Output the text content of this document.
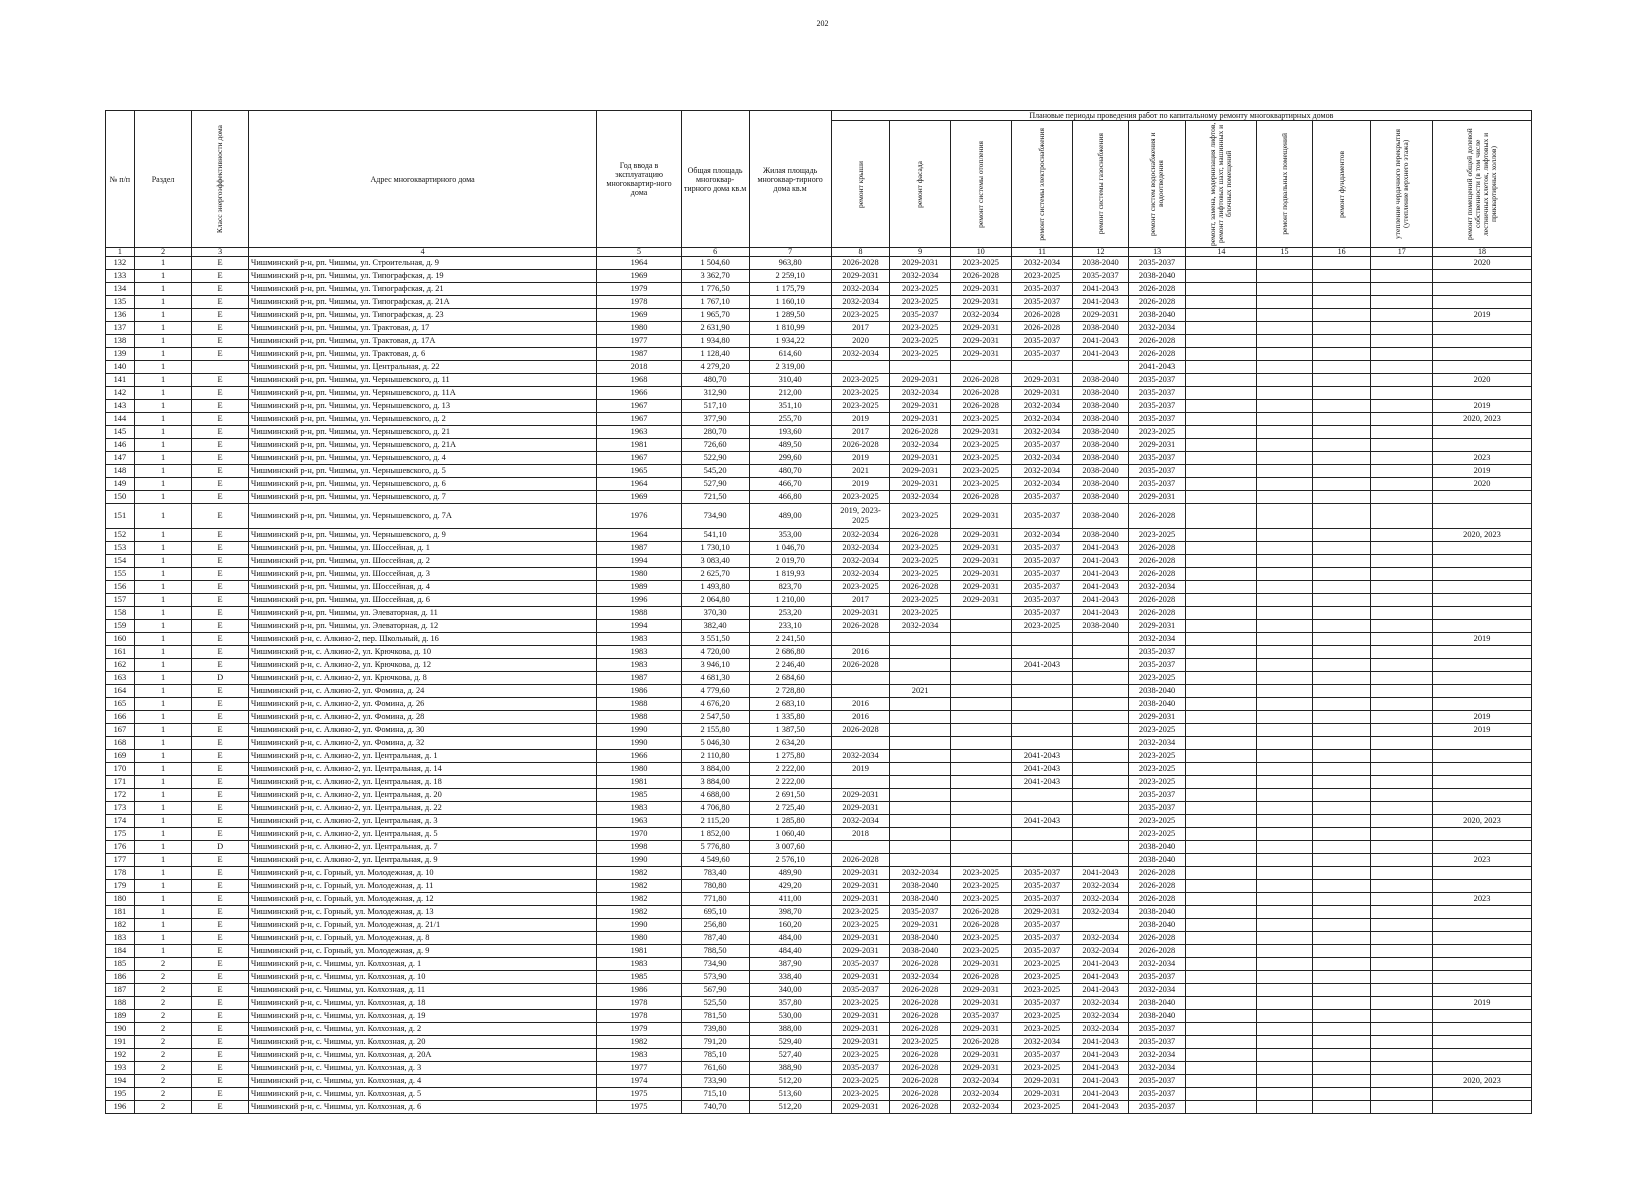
202
№ п/п	Раздел	Класс энергоэффективности дома	Адрес многоквартирного дома	Год ввода в эксплуатацию многоквартир-ного дома	Общая площадь многоквар-тирного дома кв.м	Жилая площадь многоквар-тирного дома кв.м	Плановые периоды проведения работ по капитальному ремонту многоквартирных домов										

							ремонт крыши	ремонт фасада	ремонт системы отопления	ремонт системы электроснабжения	ремонт системы газоснабжения	ремонт систем водоснабжения и водоотведения	ремонт, замена, модернизация лифтов, ремонт лифтовых шахт, машинных и блочных помещений	ремонт подвальных помещений	ремонт фундаментов	утепление чердачного перекрытия (утепление верхнего этажа)	ремонт помещений общей долевой собственности (в том числе лестничных клеток, лифтовых и приквартирных холлов)

1	2	3	4	5	6	7	8	9	10	11	12	13	14	15	16	17	18
132	1	E	Чишминский р-н, рп. Чишмы, ул. Строительная, д. 9	1964	1 504,60	963,80	2026-2028	2029-2031	2023-2025	2032-2034	2038-2040	2035-2037					2020
133	1	E	Чишминский р-н, рп. Чишмы, ул. Типографская, д. 19	1969	3 362,70	2 259,10	2029-2031	2032-2034	2026-2028	2023-2025	2035-2037	2038-2040					
134	1	E	Чишминский р-н, рп. Чишмы, ул. Типографская, д. 21	1979	1 776,50	1 175,79	2032-2034	2023-2025	2029-2031	2035-2037	2041-2043	2026-2028					
135	1	E	Чишминский р-н, рп. Чишмы, ул. Типографская, д. 21А	1978	1 767,10	1 160,10	2032-2034	2023-2025	2029-2031	2035-2037	2041-2043	2026-2028					
136	1	E	Чишминский р-н, рп. Чишмы, ул. Типографская, д. 23	1969	1 965,70	1 289,50	2023-2025	2035-2037	2032-2034	2026-2028	2029-2031	2038-2040					2019
137	1	E	Чишминский р-н, рп. Чишмы, ул. Трактовая, д. 17	1980	2 631,90	1 810,99	2017	2023-2025	2029-2031	2026-2028	2038-2040	2032-2034					
138	1	E	Чишминский р-н, рп. Чишмы, ул. Трактовая, д. 17А	1977	1 934,80	1 934,22	2020	2023-2025	2029-2031	2035-2037	2041-2043	2026-2028					
139	1	E	Чишминский р-н, рп. Чишмы, ул. Трактовая, д. 6	1987	1 128,40	614,60	2032-2034	2023-2025	2029-2031	2035-2037	2041-2043	2026-2028					
140	1		Чишминский р-н, рп. Чишмы, ул. Центральная, д. 22	2018	4 279,20	2 319,00						2041-2043					
141	1	E	Чишминский р-н, рп. Чишмы, ул. Чернышевского, д. 11	1968	480,70	310,40	2023-2025	2029-2031	2026-2028	2029-2031	2038-2040	2035-2037					2020
142	1	E	Чишминский р-н, рп. Чишмы, ул. Чернышевского, д. 11А	1966	312,90	212,00	2023-2025	2032-2034	2026-2028	2029-2031	2038-2040	2035-2037					
143	1	E	Чишминский р-н, рп. Чишмы, ул. Чернышевского, д. 13	1967	517,10	351,10	2023-2025	2029-2031	2026-2028	2032-2034	2038-2040	2035-2037					2019
144	1	E	Чишминский р-н, рп. Чишмы, ул. Чернышевского, д. 2	1967	377,90	255,70	2019	2029-2031	2023-2025	2032-2034	2038-2040	2035-2037					2020, 2023
145	1	E	Чишминский р-н, рп. Чишмы, ул. Чернышевского, д. 21	1963	280,70	193,60	2017	2026-2028	2029-2031	2032-2034	2038-2040	2023-2025					
146	1	E	Чишминский р-н, рп. Чишмы, ул. Чернышевского, д. 21А	1981	726,60	489,50	2026-2028	2032-2034	2023-2025	2035-2037	2038-2040	2029-2031					
147	1	E	Чишминский р-н, рп. Чишмы, ул. Чернышевского, д. 4	1967	522,90	299,60	2019	2029-2031	2023-2025	2032-2034	2038-2040	2035-2037					2023
148	1	E	Чишминский р-н, рп. Чишмы, ул. Чернышевского, д. 5	1965	545,20	480,70	2021	2029-2031	2023-2025	2032-2034	2038-2040	2035-2037					2019
149	1	E	Чишминский р-н, рп. Чишмы, ул. Чернышевского, д. 6	1964	527,90	466,70	2019	2029-2031	2023-2025	2032-2034	2038-2040	2035-2037					2020
150	1	E	Чишминский р-н, рп. Чишмы, ул. Чернышевского, д. 7	1969	721,50	466,80	2023-2025	2032-2034	2026-2028	2035-2037	2038-2040	2029-2031					
151	1	E	Чишминский р-н, рп. Чишмы, ул. Чернышевского, д. 7А	1976	734,90	489,00	2019, 2023-2025	2023-2025	2029-2031	2035-2037	2038-2040	2026-2028					
152	1	E	Чишминский р-н, рп. Чишмы, ул. Чернышевского, д. 9	1964	541,10	353,00	2032-2034	2026-2028	2029-2031	2032-2034	2038-2040	2023-2025					2020, 2023
153	1	E	Чишминский р-н, рп. Чишмы, ул. Шоссейная, д. 1	1987	1 730,10	1 046,70	2032-2034	2023-2025	2029-2031	2035-2037	2041-2043	2026-2028					
154	1	E	Чишминский р-н, рп. Чишмы, ул. Шоссейная, д. 2	1994	3 083,40	2 019,70	2032-2034	2023-2025	2029-2031	2035-2037	2041-2043	2026-2028					
155	1	E	Чишминский р-н, рп. Чишмы, ул. Шоссейная, д. 3	1980	2 625,70	1 819,93	2032-2034	2023-2025	2029-2031	2035-2037	2041-2043	2026-2028					
156	1	E	Чишминский р-н, рп. Чишмы, ул. Шоссейная, д. 4	1989	1 493,80	823,70	2023-2025	2026-2028	2029-2031	2035-2037	2041-2043	2032-2034					
157	1	E	Чишминский р-н, рп. Чишмы, ул. Шоссейная, д. 6	1996	2 064,80	1 210,00	2017	2023-2025	2029-2031	2035-2037	2041-2043	2026-2028					
158	1	E	Чишминский р-н, рп. Чишмы, ул. Элеваторная, д. 11	1988	370,30	253,20	2029-2031	2023-2025		2035-2037	2041-2043	2026-2028					
159	1	E	Чишминский р-н, рп. Чишмы, ул. Элеваторная, д. 12	1994	382,40	233,10	2026-2028	2032-2034		2023-2025	2038-2040	2029-2031					
160	1	E	Чишминский р-н, с. Алкино-2, пер. Школьный, д. 16	1983	3 551,50	2 241,50						2032-2034					2019
161	1	E	Чишминский р-н, с. Алкино-2, ул. Крючкова, д. 10	1983	4 720,00	2 686,80	2016					2035-2037					
162	1	E	Чишминский р-н, с. Алкино-2, ул. Крючкова, д. 12	1983	3 946,10	2 246,40	2026-2028			2041-2043		2035-2037					
163	1	D	Чишминский р-н, с. Алкино-2, ул. Крючкова, д. 8	1987	4 681,30	2 684,60						2023-2025					
164	1	E	Чишминский р-н, с. Алкино-2, ул. Фомина, д. 24	1986	4 779,60	2 728,80		2021				2038-2040					
165	1	E	Чишминский р-н, с. Алкино-2, ул. Фомина, д. 26	1988	4 676,20	2 683,10	2016					2038-2040					
166	1	E	Чишминский р-н, с. Алкино-2, ул. Фомина, д. 28	1988	2 547,50	1 335,80	2016					2029-2031					2019
167	1	E	Чишминский р-н, с. Алкино-2, ул. Фомина, д. 30	1990	2 155,80	1 387,50	2026-2028					2023-2025					2019
168	1	E	Чишминский р-н, с. Алкино-2, ул. Фомина, д. 32	1990	5 046,30	2 634,20						2032-2034					
169	1	E	Чишминский р-н, с. Алкино-2, ул. Центральная, д. 1	1966	2 110,80	1 275,80	2032-2034			2041-2043		2023-2025					
170	1	E	Чишминский р-н, с. Алкино-2, ул. Центральная, д. 14	1980	3 884,00	2 222,00	2019			2041-2043		2023-2025					
171	1	E	Чишминский р-н, с. Алкино-2, ул. Центральная, д. 18	1981	3 884,00	2 222,00				2041-2043		2023-2025					
172	1	E	Чишминский р-н, с. Алкино-2, ул. Центральная, д. 20	1985	4 688,00	2 691,50	2029-2031					2035-2037					
173	1	E	Чишминский р-н, с. Алкино-2, ул. Центральная, д. 22	1983	4 706,80	2 725,40	2029-2031					2035-2037					
174	1	E	Чишминский р-н, с. Алкино-2, ул. Центральная, д. 3	1963	2 115,20	1 285,80	2032-2034			2041-2043		2023-2025					2020, 2023
175	1	E	Чишминский р-н, с. Алкино-2, ул. Центральная, д. 5	1970	1 852,00	1 060,40	2018					2023-2025					
176	1	D	Чишминский р-н, с. Алкино-2, ул. Центральная, д. 7	1998	5 776,80	3 007,60						2038-2040					
177	1	E	Чишминский р-н, с. Алкино-2, ул. Центральная, д. 9	1990	4 549,60	2 576,10	2026-2028					2038-2040					2023
178	1	E	Чишминский р-н, с. Горный, ул. Молодежная, д. 10	1982	783,40	489,90	2029-2031	2032-2034	2023-2025	2035-2037	2041-2043	2026-2028					
179	1	E	Чишминский р-н, с. Горный, ул. Молодежная, д. 11	1982	780,80	429,20	2029-2031	2038-2040	2023-2025	2035-2037	2032-2034	2026-2028					
180	1	E	Чишминский р-н, с. Горный, ул. Молодежная, д. 12	1982	771,80	411,00	2029-2031	2038-2040	2023-2025	2035-2037	2032-2034	2026-2028					2023
181	1	E	Чишминский р-н, с. Горный, ул. Молодежная, д. 13	1982	695,10	398,70	2023-2025	2035-2037	2026-2028	2029-2031	2032-2034	2038-2040					
182	1	E	Чишминский р-н, с. Горный, ул. Молодежная, д. 21/1	1990	256,80	160,20	2023-2025	2029-2031	2026-2028	2035-2037		2038-2040					
183	1	E	Чишминский р-н, с. Горный, ул. Молодежная, д. 8	1980	787,40	484,00	2029-2031	2038-2040	2023-2025	2035-2037	2032-2034	2026-2028					
184	1	E	Чишминский р-н, с. Горный, ул. Молодежная, д. 9	1981	788,50	484,40	2029-2031	2038-2040	2023-2025	2035-2037	2032-2034	2026-2028					
185	2	E	Чишминский р-н, с. Чишмы, ул. Колхозная, д. 1	1983	734,90	387,90	2035-2037	2026-2028	2029-2031	2023-2025	2041-2043	2032-2034					
186	2	E	Чишминский р-н, с. Чишмы, ул. Колхозная, д. 10	1985	573,90	338,40	2029-2031	2032-2034	2026-2028	2023-2025	2041-2043	2035-2037					
187	2	E	Чишминский р-н, с. Чишмы, ул. Колхозная, д. 11	1986	567,90	340,00	2035-2037	2026-2028	2029-2031	2023-2025	2041-2043	2032-2034					
188	2	E	Чишминский р-н, с. Чишмы, ул. Колхозная, д. 18	1978	525,50	357,80	2023-2025	2026-2028	2029-2031	2035-2037	2032-2034	2038-2040					2019
189	2	E	Чишминский р-н, с. Чишмы, ул. Колхозная, д. 19	1978	781,50	530,00	2029-2031	2026-2028	2035-2037	2023-2025	2032-2034	2038-2040					
190	2	E	Чишминский р-н, с. Чишмы, ул. Колхозная, д. 2	1979	739,80	388,00	2029-2031	2026-2028	2029-2031	2023-2025	2032-2034	2035-2037					
191	2	E	Чишминский р-н, с. Чишмы, ул. Колхозная, д. 20	1982	791,20	529,40	2029-2031	2023-2025	2026-2028	2032-2034	2041-2043	2035-2037					
192	2	E	Чишминский р-н, с. Чишмы, ул. Колхозная, д. 20А	1983	785,10	527,40	2023-2025	2026-2028	2029-2031	2035-2037	2041-2043	2032-2034					
193	2	E	Чишминский р-н, с. Чишмы, ул. Колхозная, д. 3	1977	761,60	388,90	2035-2037	2026-2028	2029-2031	2023-2025	2041-2043	2032-2034					
194	2	E	Чишминский р-н, с. Чишмы, ул. Колхозная, д. 4	1974	733,90	512,20	2023-2025	2026-2028	2032-2034	2029-2031	2041-2043	2035-2037					2020, 2023
195	2	E	Чишминский р-н, с. Чишмы, ул. Колхозная, д. 5	1975	715,10	513,60	2023-2025	2026-2028	2032-2034	2029-2031	2041-2043	2035-2037					
196	2	E	Чишминский р-н, с. Чишмы, ул. Колхозная, д. 6	1975	740,70	512,20	2029-2031	2026-2028	2032-2034	2023-2025	2041-2043	2035-2037					
